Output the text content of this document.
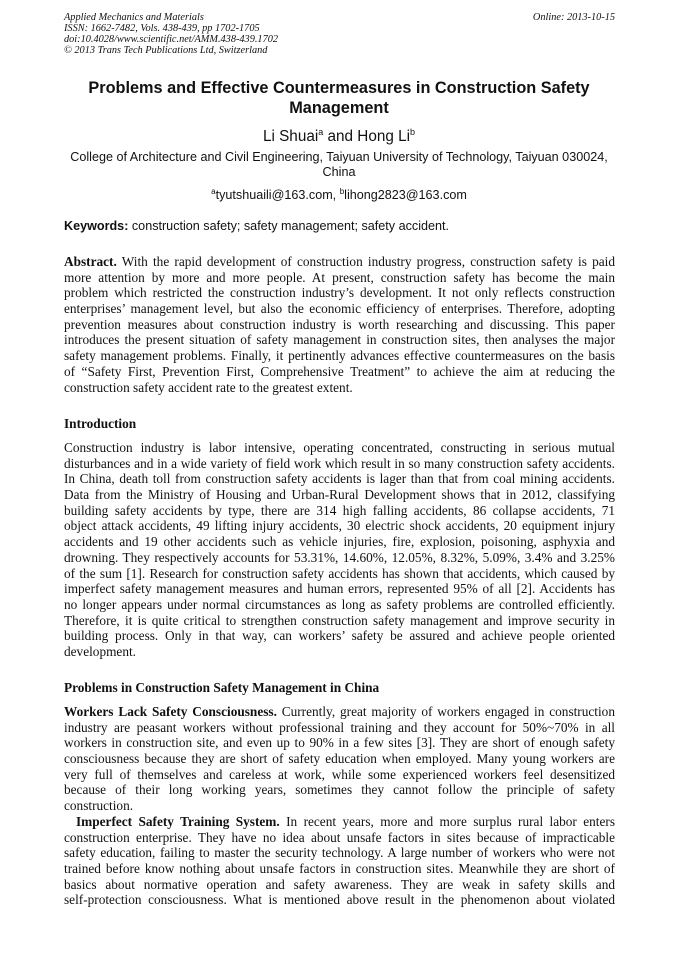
Applied Mechanics and Materials
ISSN: 1662-7482, Vols. 438-439, pp 1702-1705
doi:10.4028/www.scientific.net/AMM.438-439.1702
© 2013 Trans Tech Publications Ltd, Switzerland
Online: 2013-10-15
Problems and Effective Countermeasures in Construction Safety
Management
Li Shuai$^a$ and Hong Li$^b$
College of Architecture and Civil Engineering, Taiyuan University of Technology, Taiyuan 030024,
China
$^a$tyutshuaili@163.com, $^b$lihong2823@163.com
Keywords: construction safety; safety management; safety accident.
Abstract. With the rapid development of construction industry progress, construction safety is paid
more attention by more and more people. At present, construction safety has become the main
problem which restricted the construction industry’s development. It not only reflects construction
enterprises’ management level, but also the economic efficiency of enterprises. Therefore, adopting
prevention measures about construction industry is worth researching and discussing. This paper
introduces the present situation of safety management in construction sites, then analyses the major
safety management problems. Finally, it pertinently advances effective countermeasures on the basis
of “Safety First, Prevention First, Comprehensive Treatment” to achieve the aim at reducing the
construction safety accident rate to the greatest extent.
Introduction
Construction industry is labor intensive, operating concentrated, constructing in serious mutual
disturbances and in a wide variety of field work which result in so many construction safety accidents.
In China, death toll from construction safety accidents is lager than that from coal mining accidents.
Data from the Ministry of Housing and Urban-Rural Development shows that in 2012, classifying
building safety accidents by type, there are 314 high falling accidents, 86 collapse accidents, 71
object attack accidents, 49 lifting injury accidents, 30 electric shock accidents, 20 equipment injury
accidents and 19 other accidents such as vehicle injuries, fire, explosion, poisoning, asphyxia and
drowning. They respectively accounts for 53.31%, 14.60%, 12.05%, 8.32%, 5.09%, 3.4% and 3.25%
of the sum [1]. Research for construction safety accidents has shown that accidents, which caused by
imperfect safety management measures and human errors, represented 95% of all [2]. Accidents has
no longer appears under normal circumstances as long as safety problems are controlled efficiently.
Therefore, it is quite critical to strengthen construction safety management and improve security in
building process. Only in that way, can workers’ safety be assured and achieve people oriented
development.
Problems in Construction Safety Management in China
Workers Lack Safety Consciousness. Currently, great majority of workers engaged in construction
industry are peasant workers without professional training and they account for 50%~70% in all
workers in construction site, and even up to 90% in a few sites [3]. They are short of enough safety
consciousness because they are short of safety education when employed. Many young workers are
very full of themselves and careless at work, while some experienced workers feel desensitized
because of their long working years, sometimes they cannot follow the principle of safety
construction.
Imperfect Safety Training System. In recent years, more and more surplus rural labor enters
construction enterprise. They have no idea about unsafe factors in sites because of impracticable
safety education, failing to master the security technology. A large number of workers who were not
trained before know nothing about unsafe factors in construction sites. Meanwhile they are short of
basics about normative operation and safety awareness. They are weak in safety skills and
self-protection consciousness. What is mentioned above result in the phenomenon about violated
